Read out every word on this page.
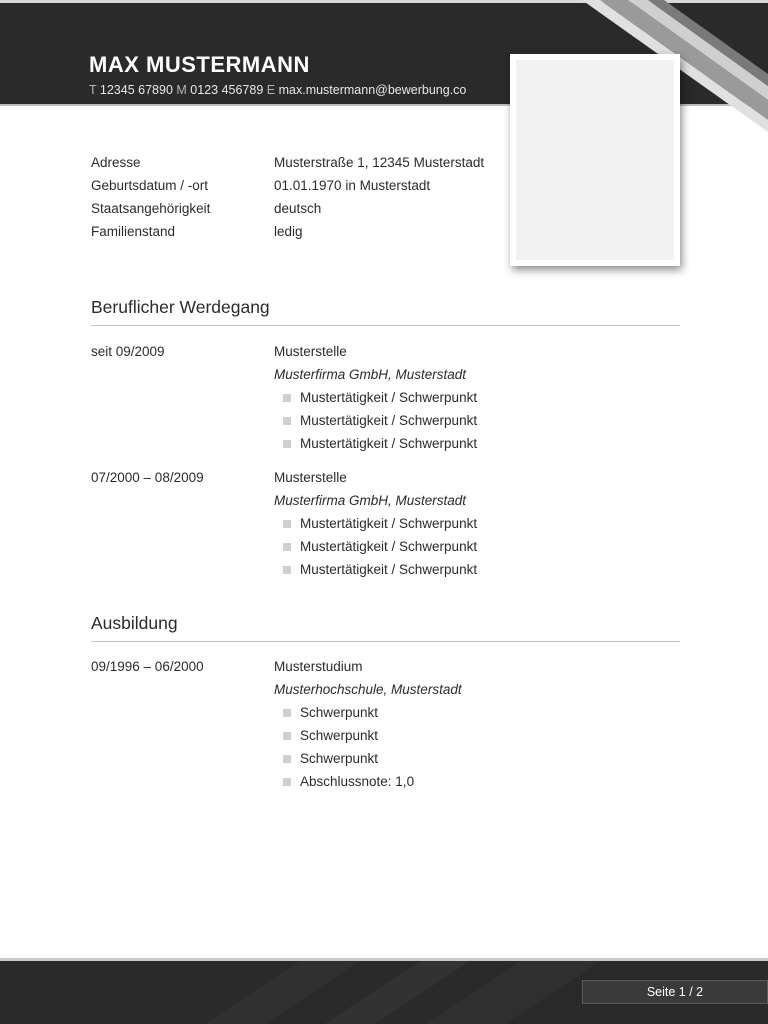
MAX MUSTERMANN
T 12345 67890 M 0123 456789 E max.mustermann@bewerbung.co
Adresse	Musterstraße 1, 12345 Musterstadt
Geburtsdatum / -ort	01.01.1970 in Musterstadt
Staatsangehörigkeit	deutsch
Familienstand	ledig
Beruflicher Werdegang
seit 09/2009	Musterstelle
Musterfirma GmbH, Musterstadt
Mustertätigkeit / Schwerpunkt
Mustertätigkeit / Schwerpunkt
Mustertätigkeit / Schwerpunkt
07/2000 – 08/2009	Musterstelle
Musterfirma GmbH, Musterstadt
Mustertätigkeit / Schwerpunkt
Mustertätigkeit / Schwerpunkt
Mustertätigkeit / Schwerpunkt
Ausbildung
09/1996 – 06/2000	Musterstudium
Musterhochschule, Musterstadt
Schwerpunkt
Schwerpunkt
Schwerpunkt
Abschlussnote: 1,0
Seite 1 / 2
